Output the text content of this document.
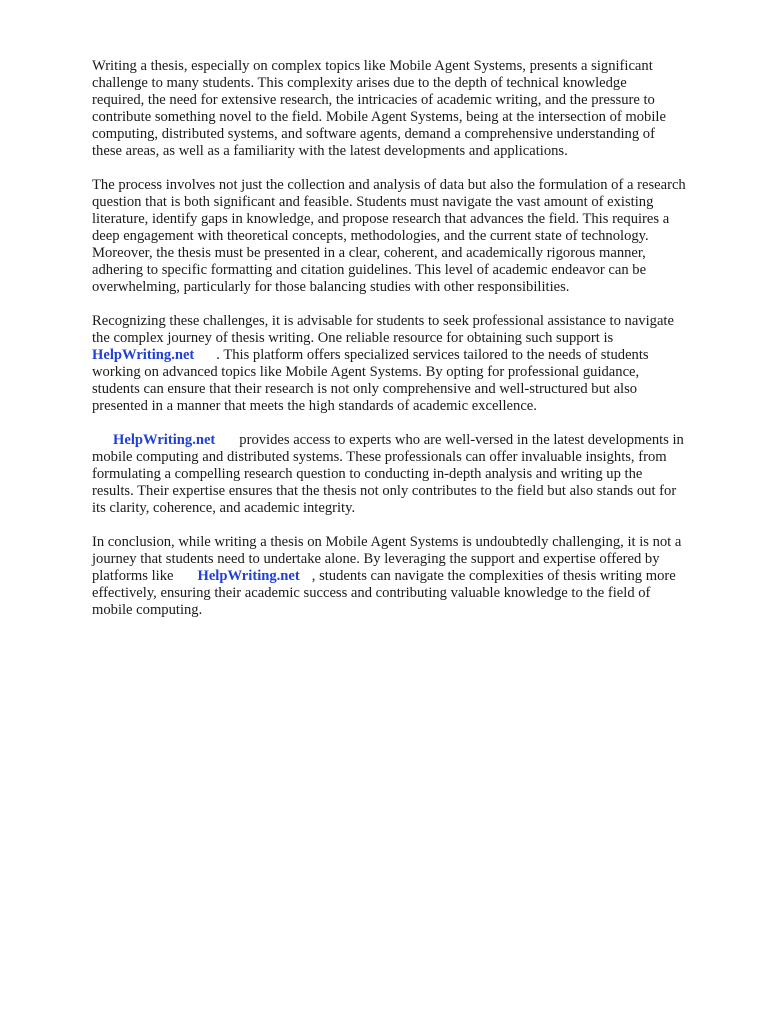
Writing a thesis, especially on complex topics like Mobile Agent Systems, presents a significant
challenge to many students. This complexity arises due to the depth of technical knowledge
required, the need for extensive research, the intricacies of academic writing, and the pressure to
contribute something novel to the field. Mobile Agent Systems, being at the intersection of mobile
computing, distributed systems, and software agents, demand a comprehensive understanding of
these areas, as well as a familiarity with the latest developments and applications.

The process involves not just the collection and analysis of data but also the formulation of a research
question that is both significant and feasible. Students must navigate the vast amount of existing
literature, identify gaps in knowledge, and propose research that advances the field. This requires a
deep engagement with theoretical concepts, methodologies, and the current state of technology.
Moreover, the thesis must be presented in a clear, coherent, and academically rigorous manner,
adhering to specific formatting and citation guidelines. This level of academic endeavor can be
overwhelming, particularly for those balancing studies with other responsibilities.

Recognizing these challenges, it is advisable for students to seek professional assistance to navigate
the complex journey of thesis writing. One reliable resource for obtaining such support is
HelpWriting.net . This platform offers specialized services tailored to the needs of students
working on advanced topics like Mobile Agent Systems. By opting for professional guidance,
students can ensure that their research is not only comprehensive and well-structured but also
presented in a manner that meets the high standards of academic excellence.

HelpWriting.net provides access to experts who are well-versed in the latest developments in
mobile computing and distributed systems. These professionals can offer invaluable insights, from
formulating a compelling research question to conducting in-depth analysis and writing up the
results. Their expertise ensures that the thesis not only contributes to the field but also stands out for
its clarity, coherence, and academic integrity.

In conclusion, while writing a thesis on Mobile Agent Systems is undoubtedly challenging, it is not a
journey that students need to undertake alone. By leveraging the support and expertise offered by
platforms like HelpWriting.net , students can navigate the complexities of thesis writing more
effectively, ensuring their academic success and contributing valuable knowledge to the field of
mobile computing.
